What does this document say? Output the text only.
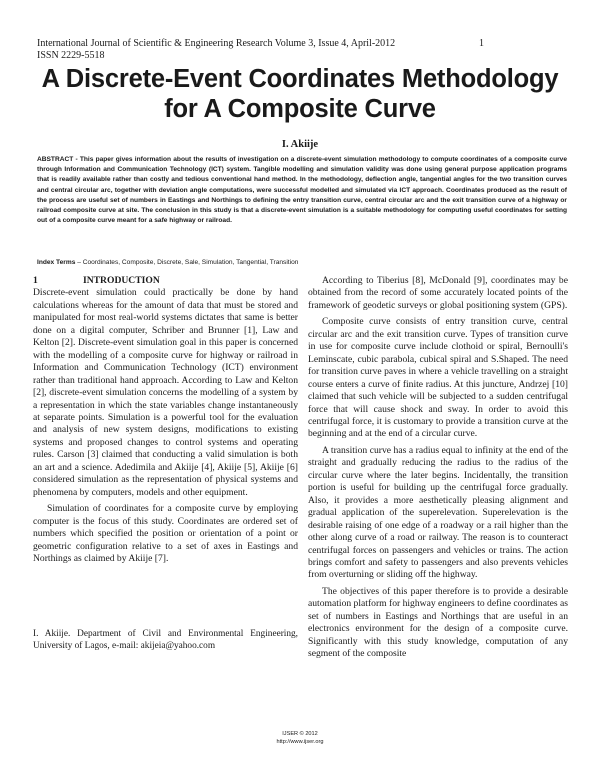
International Journal of Scientific & Engineering Research Volume 3, Issue 4, April-2012
ISSN 2229-5518
1
A Discrete-Event Coordinates Methodology for A Composite Curve
I. Akiije
ABSTRACT - This paper gives information about the results of investigation on a discrete-event simulation methodology to compute coordinates of a composite curve through Information and Communication Technology (ICT) system. Tangible modelling and simulation validity was done using general purpose application programs that is readily available rather than costly and tedious conventional hand method. In the methodology, deflection angle, tangential angles for the two transition curves and central circular arc, together with deviation angle computations, were successful modelled and simulated via ICT approach. Coordinates produced as the result of the process are useful set of numbers in Eastings and Northings to defining the entry transition curve, central circular arc and the exit transition curve of a highway or railroad composite curve at site. The conclusion in this study is that a discrete-event simulation is a suitable methodology for computing useful coordinates for setting out of a composite curve meant for a safe highway or railroad.
Index Terms – Coordinates, Composite, Discrete, Sale, Simulation, Tangential, Transition
1	INTRODUCTION

Discrete-event simulation could practically be done by hand calculations whereas for the amount of data that must be stored and manipulated for most real-world systems dictates that same is better done on a digital computer, Schriber and Brunner [1], Law and Kelton [2]. Discrete-event simulation goal in this paper is concerned with the modelling of a composite curve for highway or railroad in Information and Communication Technology (ICT) environment rather than traditional hand approach. According to Law and Kelton [2], discrete-event simulation concerns the modelling of a system by a representation in which the state variables change instantaneously at separate points. Simulation is a powerful tool for the evaluation and analysis of new system designs, modifications to existing systems and proposed changes to control systems and operating rules. Carson [3] claimed that conducting a valid simulation is both an art and a science. Adedimila and Akiije [4], Akiije [5], Akiije [6] considered simulation as the representation of physical systems and phenomena by computers, models and other equipment.

Simulation of coordinates for a composite curve by employing computer is the focus of this study. Coordinates are ordered set of numbers which specified the position or orientation of a point or geometric configuration relative to a set of axes in Eastings and Northings as claimed by Akiije [7].

I. Akiije. Department of Civil and Environmental Engineering, University of Lagos, e-mail: akijeia@yahoo.com

According to Tiberius [8], McDonald [9], coordinates may be obtained from the record of some accurately located points of the framework of geodetic surveys or global positioning system (GPS).

Composite curve consists of entry transition curve, central circular arc and the exit transition curve. Types of transition curve in use for composite curve include clothoid or spiral, Bernoulli's Leminscate, cubic parabola, cubical spiral and S.Shaped. The need for transition curve paves in where a vehicle travelling on a straight course enters a curve of finite radius. At this juncture, Andrzej [10] claimed that such vehicle will be subjected to a sudden centrifugal force that will cause shock and sway. In order to avoid this centrifugal force, it is customary to provide a transition curve at the beginning and at the end of a circular curve.

A transition curve has a radius equal to infinity at the end of the straight and gradually reducing the radius to the radius of the circular curve where the later begins. Incidentally, the transition portion is useful for building up the centrifugal force gradually. Also, it provides a more aesthetically pleasing alignment and gradual application of the superelevation. Superelevation is the desirable raising of one edge of a roadway or a rail higher than the other along curve of a road or railway. The reason is to counteract centrifugal forces on passengers and vehicles or trains. The action brings comfort and safety to passengers and also prevents vehicles from overturning or sliding off the highway.

The objectives of this paper therefore is to provide a desirable automation platform for highway engineers to define coordinates as set of numbers in Eastings and Northings that are useful in an electronics environment for the design of a composite curve. Significantly with this study knowledge, computation of any segment of the composite

IJSER © 2012
http://www.ijser.org
